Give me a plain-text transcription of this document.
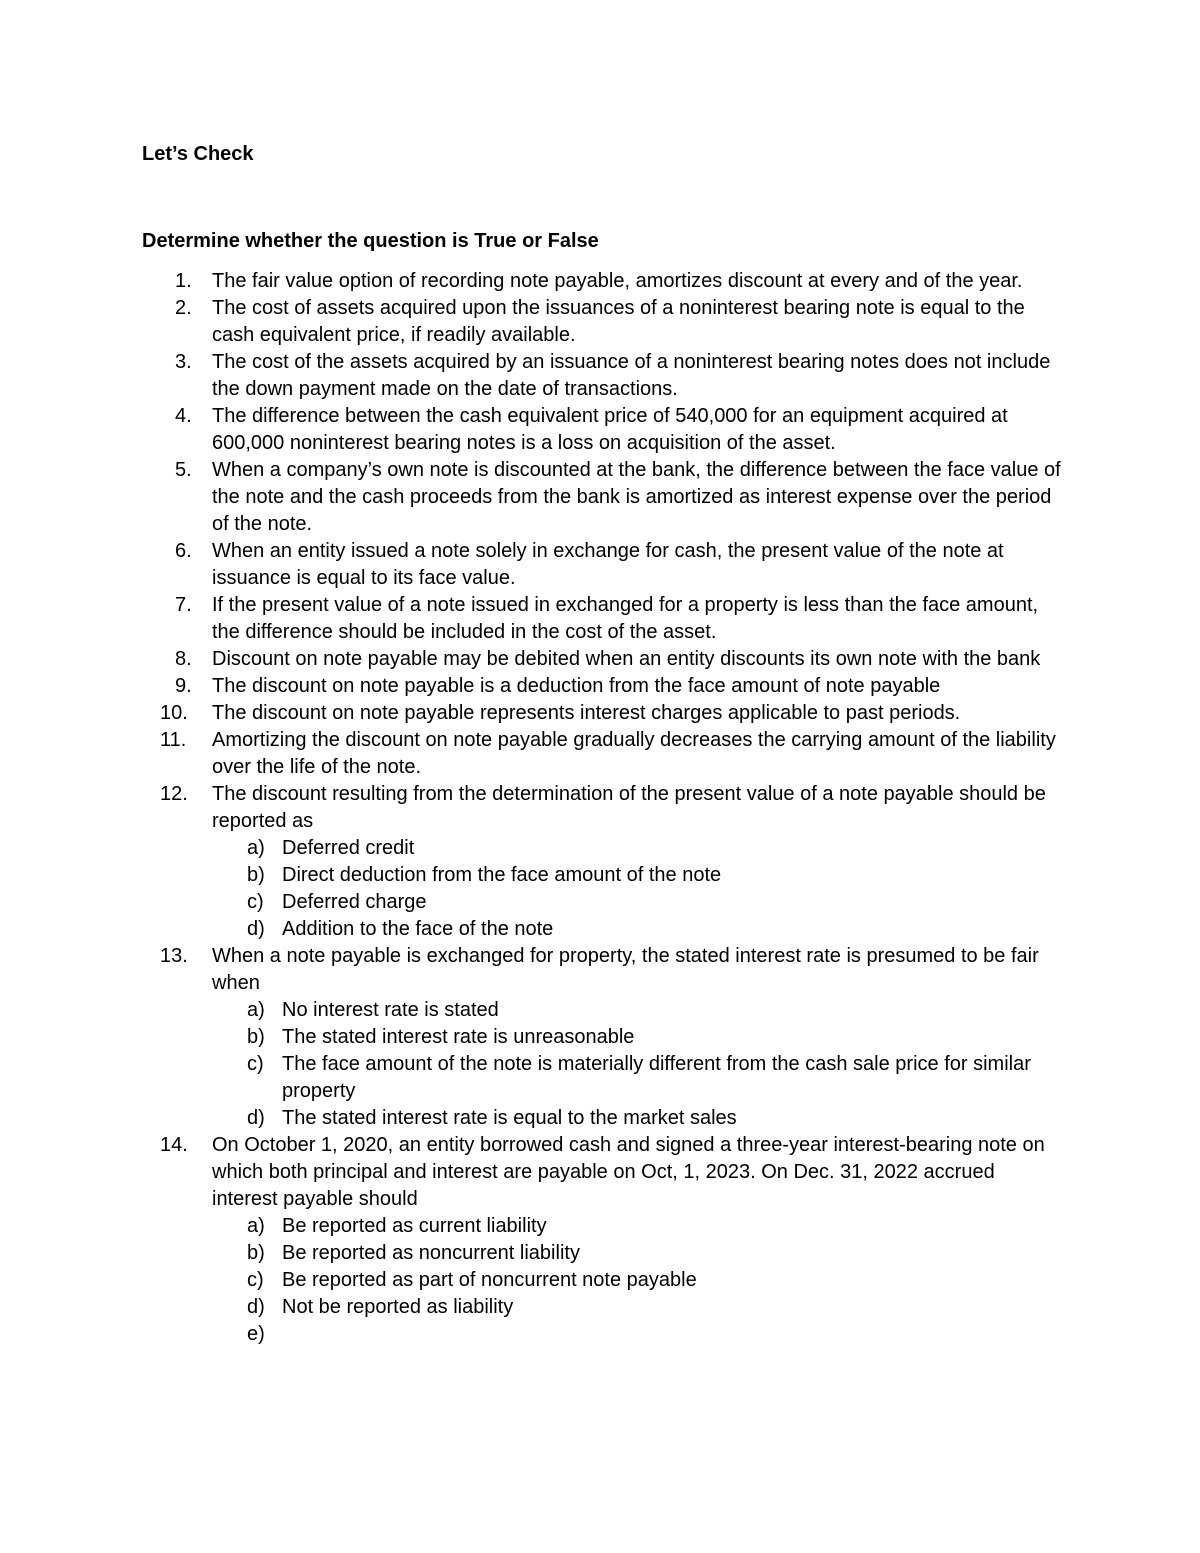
Let’s Check
Determine whether the question is True or False
1.	The fair value option of recording note payable, amortizes discount at every and of the year.
2.	The cost of assets acquired upon the issuances of a noninterest bearing note is equal to the cash equivalent price, if readily available.
3.	The cost of the assets acquired by an issuance of a noninterest bearing notes does not include the down payment made on the date of transactions.
4.	The difference between the cash equivalent price of 540,000 for an equipment acquired at 600,000 noninterest bearing notes is a loss on acquisition of the asset.
5.	When a company’s own note is discounted at the bank, the difference between the face value of the note and the cash proceeds from the bank is amortized as interest expense over the period of the note.
6.	When an entity issued a note solely in exchange for cash, the present value of the note at issuance is equal to its face value.
7.	If the present value of a note issued in exchanged for a property is less than the face amount, the difference should be included in the cost of the asset.
8.	Discount on note payable may be debited when an entity discounts its own note with the bank
9.	The discount on note payable is a deduction from the face amount of note payable
10.	The discount on note payable represents interest charges applicable to past periods.
11.	Amortizing the discount on note payable gradually decreases the carrying amount of the liability over the life of the note.
12.	The discount resulting from the determination of the present value of a note payable should be reported as
a) Deferred credit
b) Direct deduction from the face amount of the note
c) Deferred charge
d) Addition to the face of the note
13.	When a note payable is exchanged for property, the stated interest rate is presumed to be fair when
a) No interest rate is stated
b) The stated interest rate is unreasonable
c) The face amount of the note is materially different from the cash sale price for similar property
d) The stated interest rate is equal to the market sales
14.	On October 1, 2020, an entity borrowed cash and signed a three-year interest-bearing note on which both principal and interest are payable on Oct, 1, 2023. On Dec. 31, 2022 accrued interest payable should
a) Be reported as current liability
b) Be reported as noncurrent liability
c) Be reported as part of noncurrent note payable
d) Not be reported as liability
e)
